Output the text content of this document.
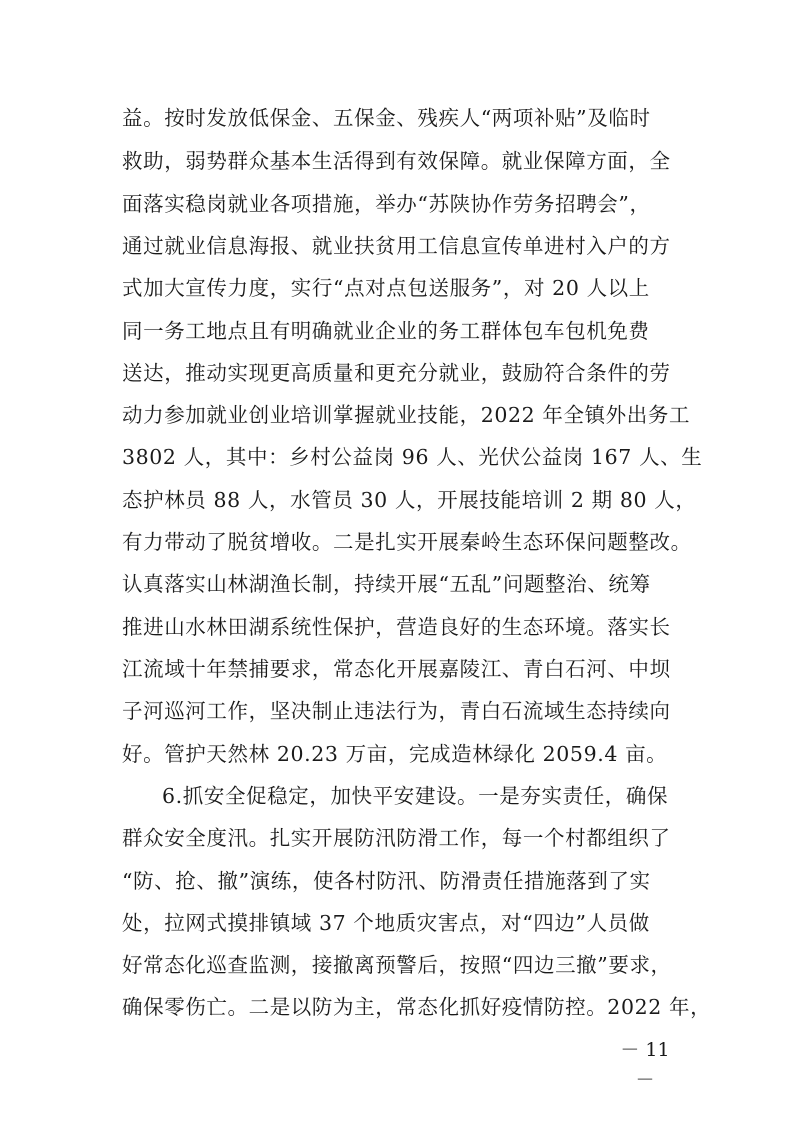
益。按时发放低保金、五保金、残疾人“两项补贴”及临时
救助，弱势群众基本生活得到有效保障。就业保障方面，全
面落实稳岗就业各项措施，举办“苏陕协作劳务招聘会”，
通过就业信息海报、就业扶贫用工信息宣传单进村入户的方
式加大宣传力度，实行“点对点包送服务”，对 20 人以上
同一务工地点且有明确就业企业的务工群体包车包机免费
送达，推动实现更高质量和更充分就业，鼓励符合条件的劳
动力参加就业创业培训掌握就业技能，2022 年全镇外出务工
3802 人，其中：乡村公益岗 96 人、光伏公益岗 167 人、生
态护林员 88 人，水管员 30 人，开展技能培训 2 期 80 人，
有力带动了脱贫增收。二是扎实开展秦岭生态环保问题整改。
认真落实山林湖渔长制，持续开展“五乱”问题整治、统筹
推进山水林田湖系统性保护，营造良好的生态环境。落实长
江流域十年禁捕要求，常态化开展嘉陵江、青白石河、中坝
子河巡河工作，坚决制止违法行为，青白石流域生态持续向
好。管护天然林 20.23 万亩，完成造林绿化 2059.4 亩。
6.抓安全促稳定，加快平安建设。一是夯实责任，确保
群众安全度汛。扎实开展防汛防滑工作，每一个村都组织了
“防、抢、撤”演练，使各村防汛、防滑责任措施落到了实
处，拉网式摸排镇域 37 个地质灾害点，对“四边”人员做
好常态化巡查监测，接撤离预警后，按照“四边三撤”要求，
确保零伤亡。二是以防为主，常态化抓好疫情防控。2022 年，
－ 11 －
